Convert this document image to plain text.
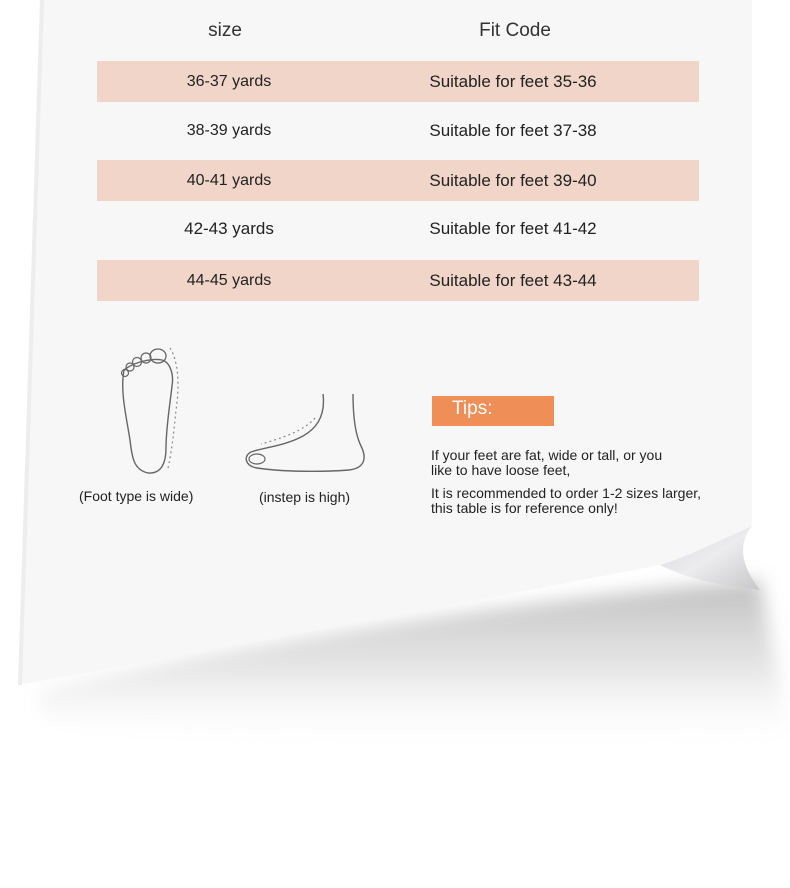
size	Fit Code
36-37 yards	Suitable for feet 35-36
38-39 yards	Suitable for feet 37-38
40-41 yards	Suitable for feet 39-40
42-43 yards	Suitable for feet 41-42
44-45 yards	Suitable for feet 43-44
(Foot type is wide)	(instep is high)
Tips:
If your feet are fat, wide or tall, or you
like to have loose feet,
It is recommended to order 1-2 sizes larger,
this table is for reference only!
